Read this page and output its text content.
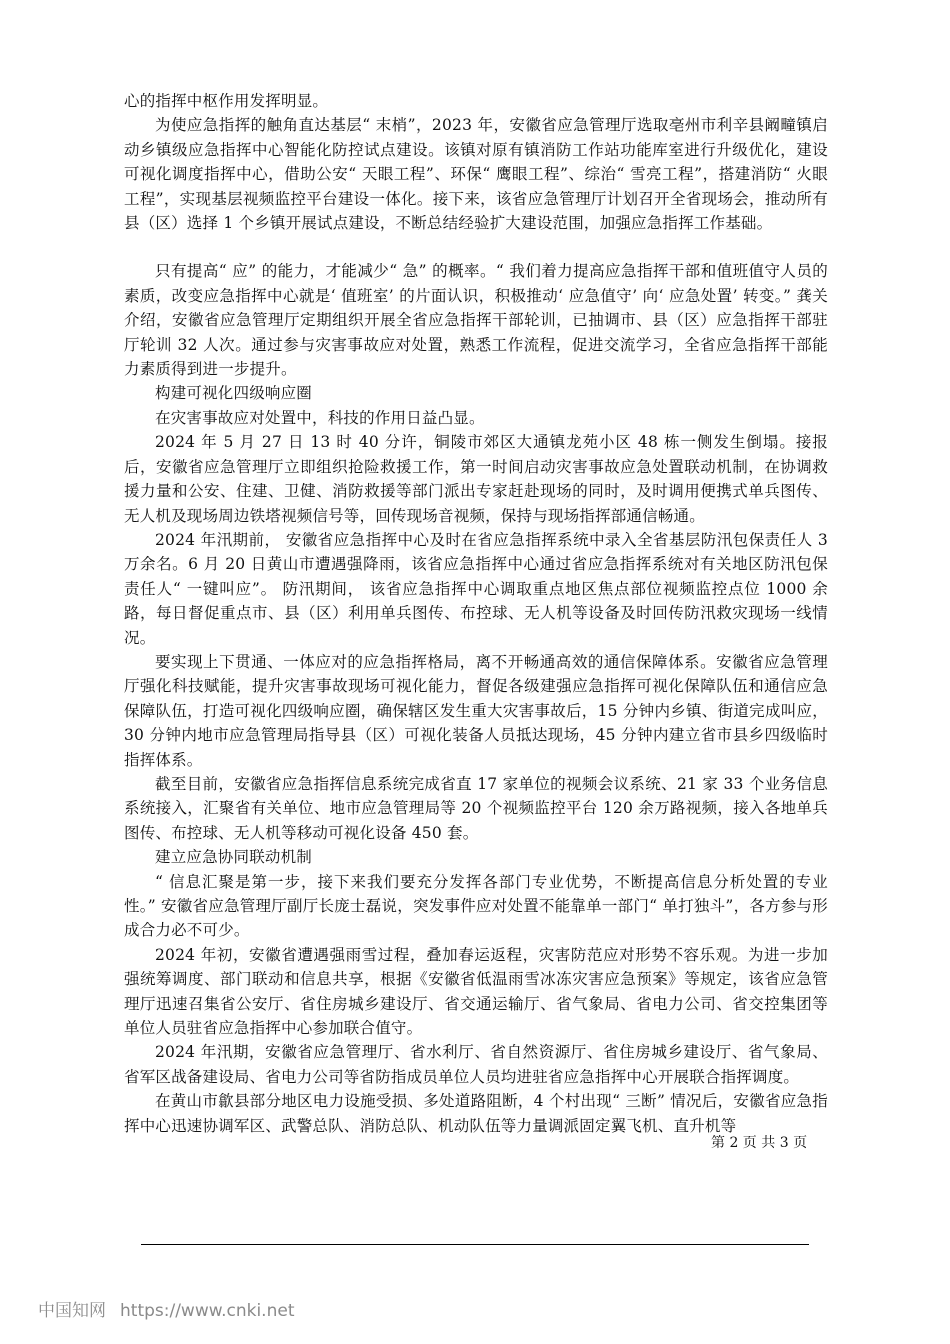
心的指挥中枢作用发挥明显。

为使应急指挥的触角直达基层“ 末梢”，2023 年，安徽省应急管理厅选取亳州市利辛县阚疃镇启动乡镇级应急指挥中心智能化防控试点建设。该镇对原有镇消防工作站功能库室进行升级优化，建设可视化调度指挥中心，借助公安“ 天眼工程”、环保“ 鹰眼工程”、综治“ 雪亮工程”，搭建消防“ 火眼工程”，实现基层视频监控平台建设一体化。接下来，该省应急管理厅计划召开全省现场会，推动所有县（区）选择 1 个乡镇开展试点建设，不断总结经验扩大建设范围，加强应急指挥工作基础。

只有提高“ 应” 的能力，才能减少“ 急” 的概率。“ 我们着力提高应急指挥干部和值班值守人员的素质，改变应急指挥中心就是‘ 值班室’ 的片面认识，积极推动‘ 应急值守’ 向‘ 应急处置’ 转变。” 龚关介绍，安徽省应急管理厅定期组织开展全省应急指挥干部轮训，已抽调市、县（区）应急指挥干部驻厅轮训 32 人次。通过参与灾害事故应对处置，熟悉工作流程，促进交流学习，全省应急指挥干部能力素质得到进一步提升。

构建可视化四级响应圈

在灾害事故应对处置中，科技的作用日益凸显。

2024 年 5 月 27 日 13 时 40 分许，铜陵市郊区大通镇龙苑小区 48 栋一侧发生倒塌。接报后，安徽省应急管理厅立即组织抢险救援工作，第一时间启动灾害事故应急处置联动机制，在协调救援力量和公安、住建、卫健、消防救援等部门派出专家赶赴现场的同时，及时调用便携式单兵图传、无人机及现场周边铁塔视频信号等，回传现场音视频，保持与现场指挥部通信畅通。

2024 年汛期前， 安徽省应急指挥中心及时在省应急指挥系统中录入全省基层防汛包保责任人 3 万余名。6 月 20 日黄山市遭遇强降雨，该省应急指挥中心通过省应急指挥系统对有关地区防汛包保责任人“ 一键叫应”。 防汛期间， 该省应急指挥中心调取重点地区焦点部位视频监控点位 1000 余路，每日督促重点市、县（区）利用单兵图传、布控球、无人机等设备及时回传防汛救灾现场一线情况。

要实现上下贯通、一体应对的应急指挥格局，离不开畅通高效的通信保障体系。安徽省应急管理厅强化科技赋能，提升灾害事故现场可视化能力，督促各级建强应急指挥可视化保障队伍和通信应急保障队伍，打造可视化四级响应圈，确保辖区发生重大灾害事故后，15 分钟内乡镇、街道完成叫应，30 分钟内地市应急管理局指导县（区）可视化装备人员抵达现场，45 分钟内建立省市县乡四级临时指挥体系。

截至目前，安徽省应急指挥信息系统完成省直 17 家单位的视频会议系统、21 家 33 个业务信息系统接入，汇聚省有关单位、地市应急管理局等 20 个视频监控平台 120 余万路视频，接入各地单兵图传、布控球、无人机等移动可视化设备 450 套。

建立应急协同联动机制

“ 信息汇聚是第一步，接下来我们要充分发挥各部门专业优势，不断提高信息分析处置的专业性。” 安徽省应急管理厅副厅长庞士磊说，突发事件应对处置不能靠单一部门“ 单打独斗”，各方参与形成合力必不可少。

2024 年初，安徽省遭遇强雨雪过程，叠加春运返程，灾害防范应对形势不容乐观。为进一步加强统筹调度、部门联动和信息共享，根据《安徽省低温雨雪冰冻灾害应急预案》等规定，该省应急管理厅迅速召集省公安厅、省住房城乡建设厅、省交通运输厅、省气象局、省电力公司、省交控集团等单位人员驻省应急指挥中心参加联合值守。

2024 年汛期，安徽省应急管理厅、省水利厅、省自然资源厅、省住房城乡建设厅、省气象局、省军区战备建设局、省电力公司等省防指成员单位人员均进驻省应急指挥中心开展联合指挥调度。

在黄山市歙县部分地区电力设施受损、多处道路阻断，4 个村出现“ 三断” 情况后，安徽省应急指挥中心迅速协调军区、武警总队、消防总队、机动队伍等力量调派固定翼飞机、直升机等

第 2 页 共 3 页
中国知网 https://www.cnki.net
